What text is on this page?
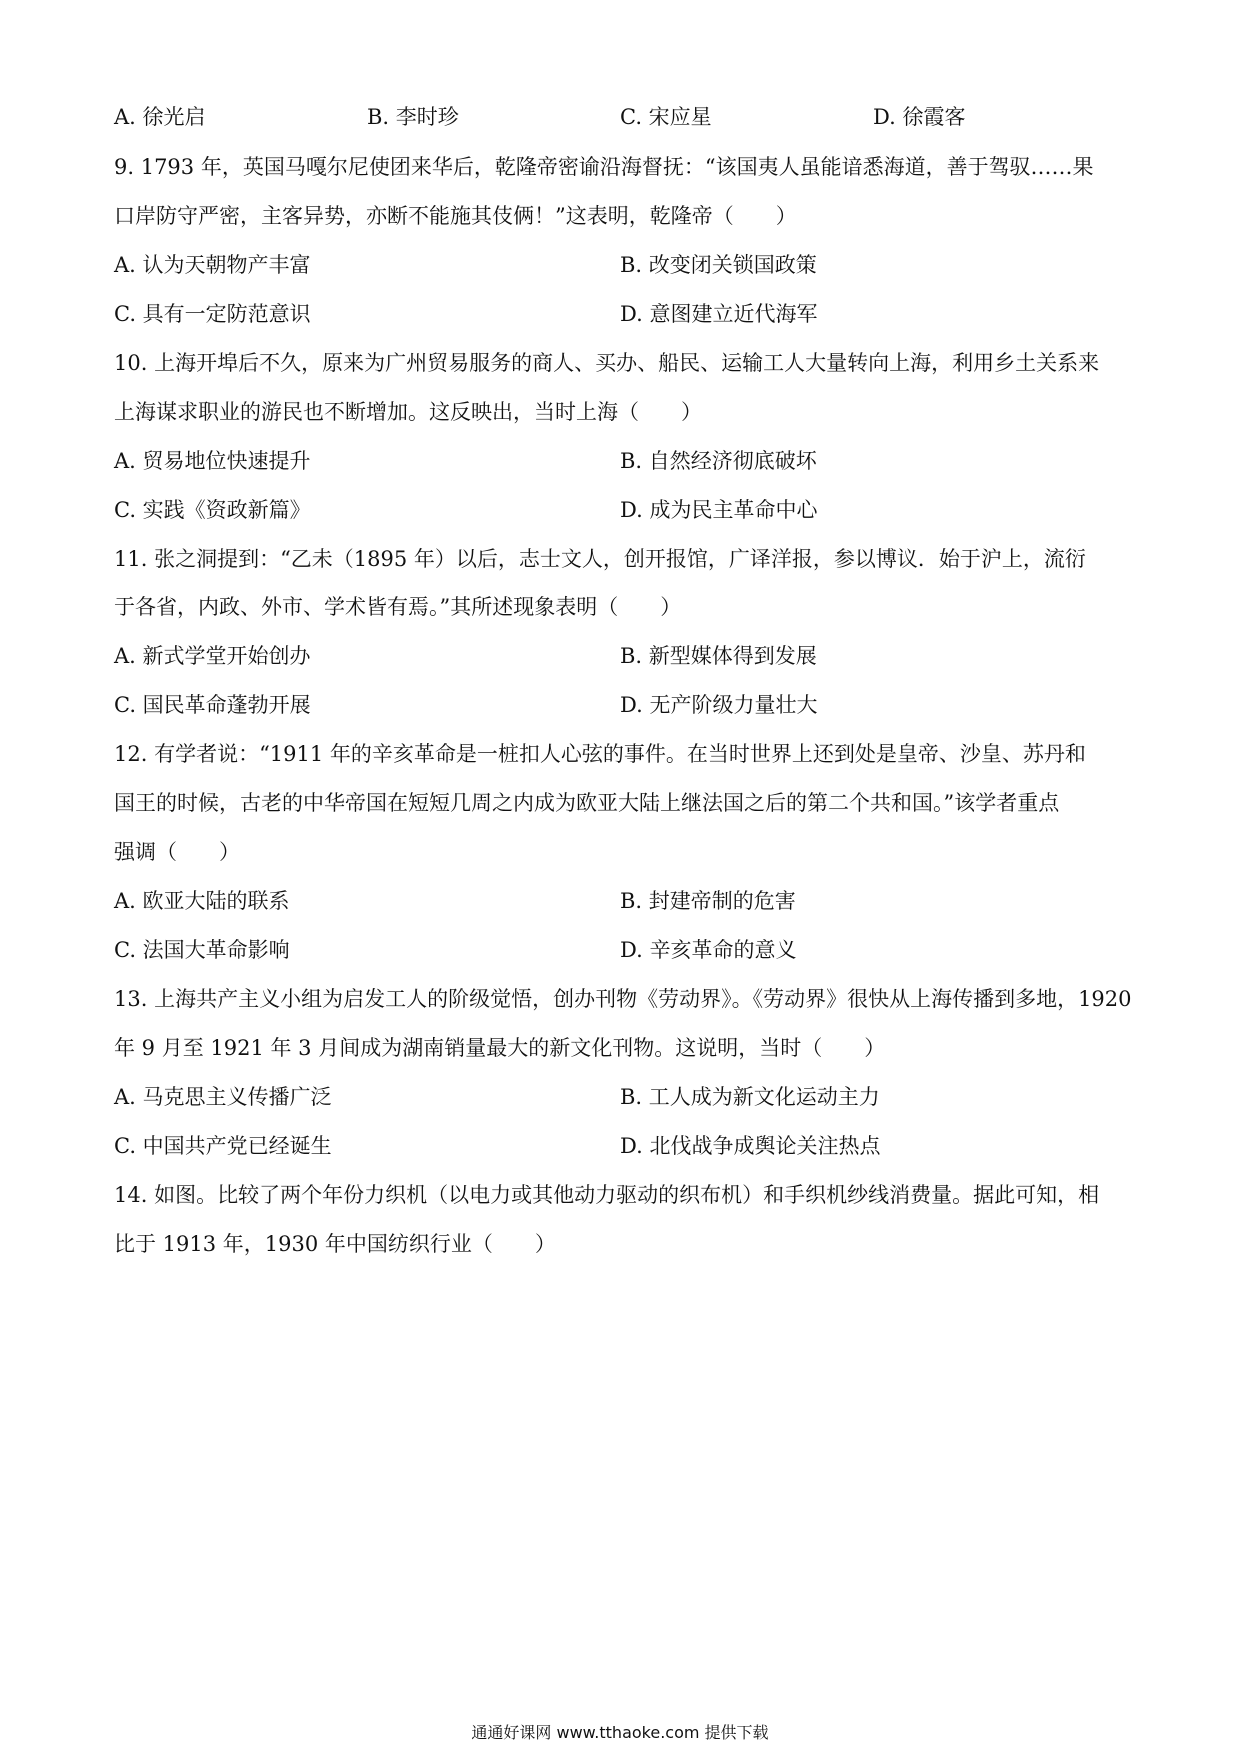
A. 徐光启	B. 李时珍	C. 宋应星	D. 徐霞客
9. 1793 年，英国马嘎尔尼使团来华后，乾隆帝密谕沿海督抚：“该国夷人虽能谙悉海道，善于驾驭……果
口岸防守严密，主客异势，亦断不能施其伎俩！”这表明，乾隆帝（　　）
A. 认为天朝物产丰富	B. 改变闭关锁国政策
C. 具有一定防范意识	D. 意图建立近代海军
10. 上海开埠后不久，原来为广州贸易服务的商人、买办、船民、运输工人大量转向上海，利用乡土关系来
上海谋求职业的游民也不断增加。这反映出，当时上海（　　）
A. 贸易地位快速提升	B. 自然经济彻底破坏
C. 实践《资政新篇》	D. 成为民主革命中心
11. 张之洞提到：“乙未（1895 年）以后，志士文人，创开报馆，广译洋报，参以博议．始于沪上，流衍
于各省，内政、外市、学术皆有焉。”其所述现象表明（　　）
A. 新式学堂开始创办	B. 新型媒体得到发展
C. 国民革命蓬勃开展	D. 无产阶级力量壮大
12. 有学者说：“1911 年的辛亥革命是一桩扣人心弦的事件。在当时世界上还到处是皇帝、沙皇、苏丹和
国王的时候，古老的中华帝国在短短几周之内成为欧亚大陆上继法国之后的第二个共和国。”该学者重点
强调（　　）
A. 欧亚大陆的联系	B. 封建帝制的危害
C. 法国大革命影响	D. 辛亥革命的意义
13. 上海共产主义小组为启发工人的阶级觉悟，创办刊物《劳动界》。《劳动界》很快从上海传播到多地，1920
年 9 月至 1921 年 3 月间成为湖南销量最大的新文化刊物。这说明，当时（　　）
A. 马克思主义传播广泛	B. 工人成为新文化运动主力
C. 中国共产党已经诞生	D. 北伐战争成舆论关注热点
14. 如图。比较了两个年份力织机（以电力或其他动力驱动的织布机）和手织机纱线消费量。据此可知，相
比于 1913 年，1930 年中国纺织行业（　　）
通通好课网 www.tthaoke.com 提供下载
